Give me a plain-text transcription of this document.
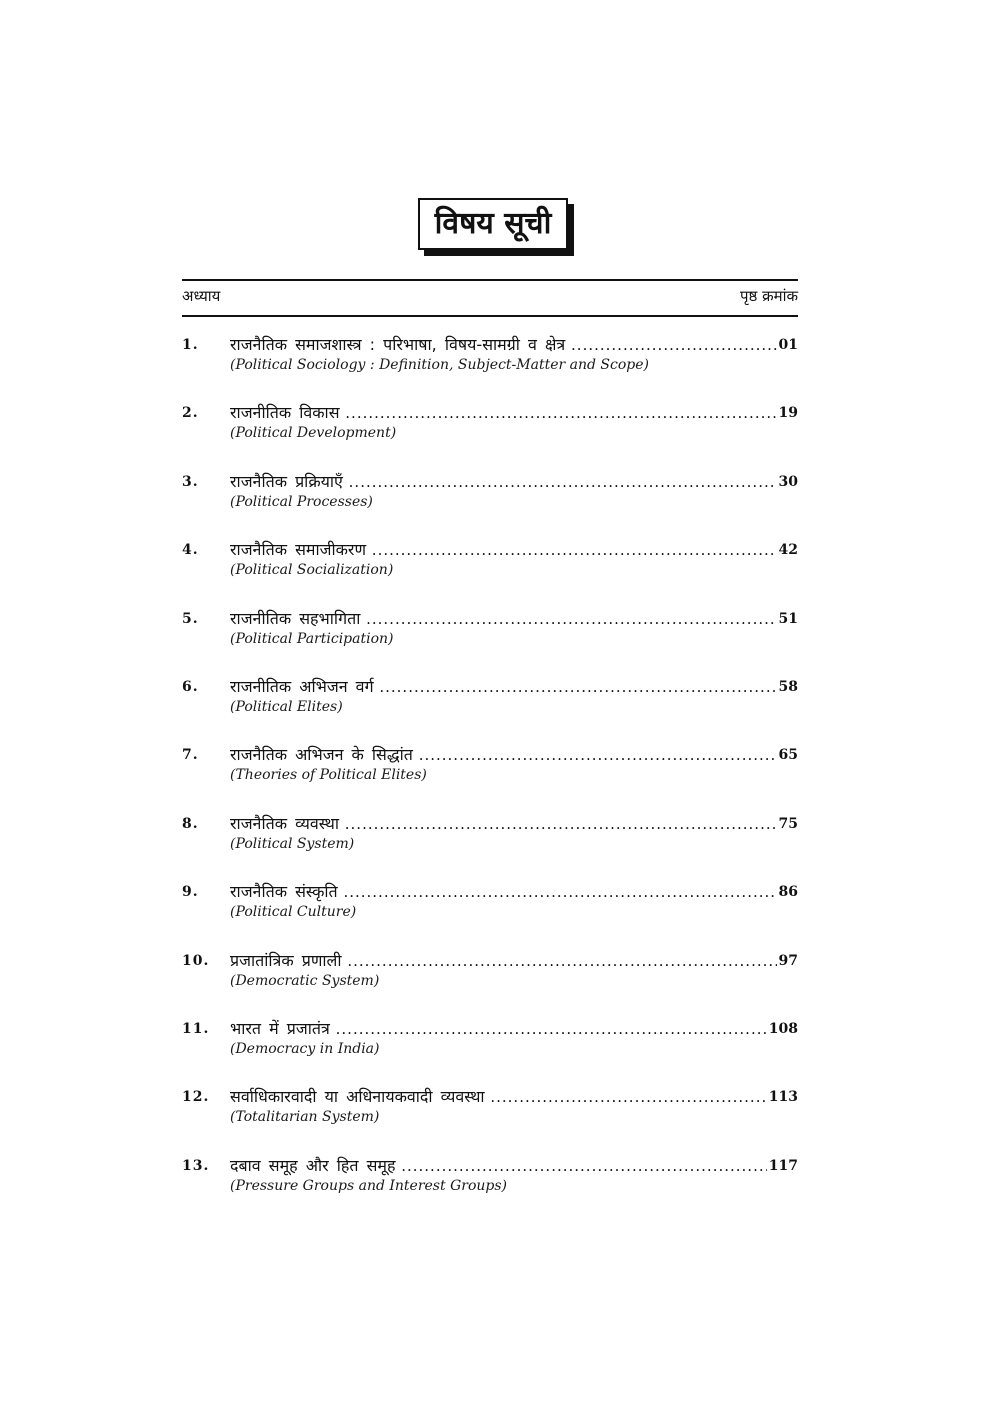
विषय सूची
अध्याय	पृष्ठ क्रमांक
1. राजनैतिक समाजशास्त्र : परिभाषा, विषय-सामग्री व क्षेत्र	01
.....
(Political Sociology : Definition, Subject-Matter and Scope)
2. राजनीतिक विकास	19
.....
(Political Development)
3. राजनैतिक प्रक्रियाएँ	30
.....
(Political Processes)
4. राजनैतिक समाजीकरण	42
.....
(Political Socialization)
5. राजनीतिक सहभागिता	51
.....
(Political Participation)
6. राजनीतिक अभिजन वर्ग	58
.....
(Political Elites)
7. राजनैतिक अभिजन के सिद्धांत	65
.....
(Theories of Political Elites)
8. राजनैतिक व्यवस्था	75
.....
(Political System)
9. राजनैतिक संस्कृति	86
.....
(Political Culture)
10. प्रजातांत्रिक प्रणाली	97
.....
(Democratic System)
11. भारत में प्रजातंत्र	108
.....
(Democracy in India)
12. सर्वाधिकारवादी या अधिनायकवादी व्यवस्था	113
.....
(Totalitarian System)
13. दबाव समूह और हित समूह	117
.....
(Pressure Groups and Interest Groups)
